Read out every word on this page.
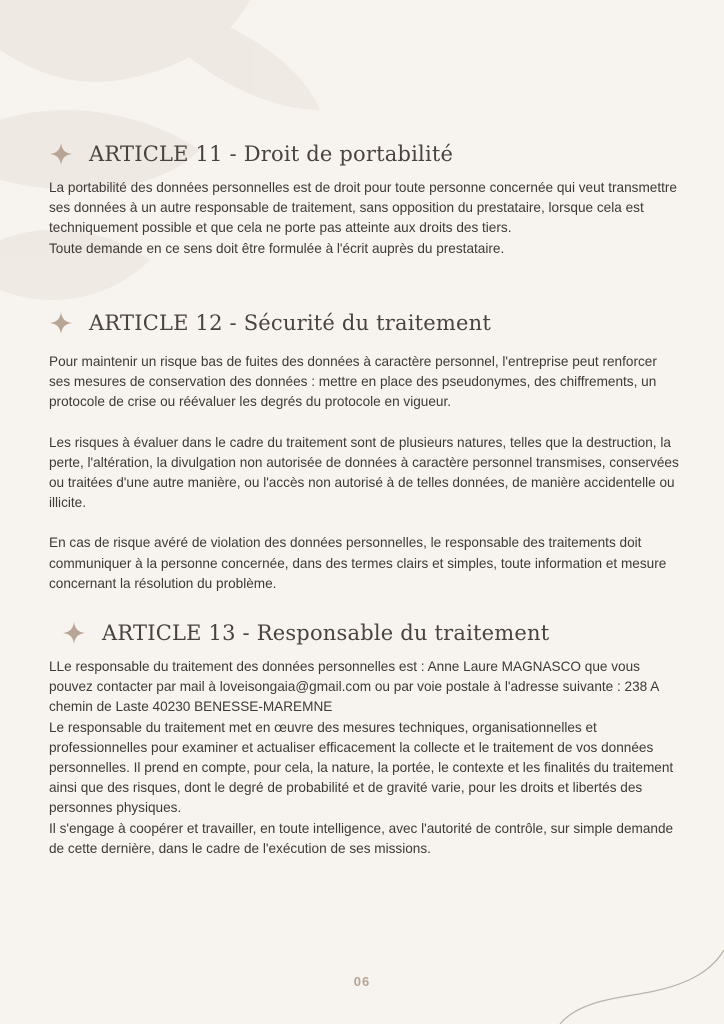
ARTICLE 11 - Droit de portabilité

La portabilité des données personnelles est de droit pour toute personne concernée qui veut transmettre ses données à un autre responsable de traitement, sans opposition du prestataire, lorsque cela est techniquement possible et que cela ne porte pas atteinte aux droits des tiers.

Toute demande en ce sens doit être formulée à l'écrit auprès du prestataire.

ARTICLE 12 - Sécurité du traitement

Pour maintenir un risque bas de fuites des données à caractère personnel, l'entreprise peut renforcer ses mesures de conservation des données : mettre en place des pseudonymes, des chiffrements, un protocole de crise ou réévaluer les degrés du protocole en vigueur.

Les risques à évaluer dans le cadre du traitement sont de plusieurs natures, telles que la destruction, la perte, l'altération, la divulgation non autorisée de données à caractère personnel transmises, conservées ou traitées d'une autre manière, ou l'accès non autorisé à de telles données, de manière accidentelle ou illicite.

En cas de risque avéré de violation des données personnelles, le responsable des traitements doit communiquer à la personne concernée, dans des termes clairs et simples, toute information et mesure concernant la résolution du problème.

ARTICLE 13 - Responsable du traitement

LLe responsable du traitement des données personnelles est : Anne Laure MAGNASCO que vous pouvez contacter par mail à loveisongaia@gmail.com ou par voie postale à l'adresse suivante : 238 A chemin de Laste 40230 BENESSE-MAREMNE

Le responsable du traitement met en œuvre des mesures techniques, organisationnelles et professionnelles pour examiner et actualiser efficacement la collecte et le traitement de vos données personnelles. Il prend en compte, pour cela, la nature, la portée, le contexte et les finalités du traitement ainsi que des risques, dont le degré de probabilité et de gravité varie, pour les droits et libertés des personnes physiques.

Il s'engage à coopérer et travailler, en toute intelligence, avec l'autorité de contrôle, sur simple demande de cette dernière, dans le cadre de l'exécution de ses missions.

06
